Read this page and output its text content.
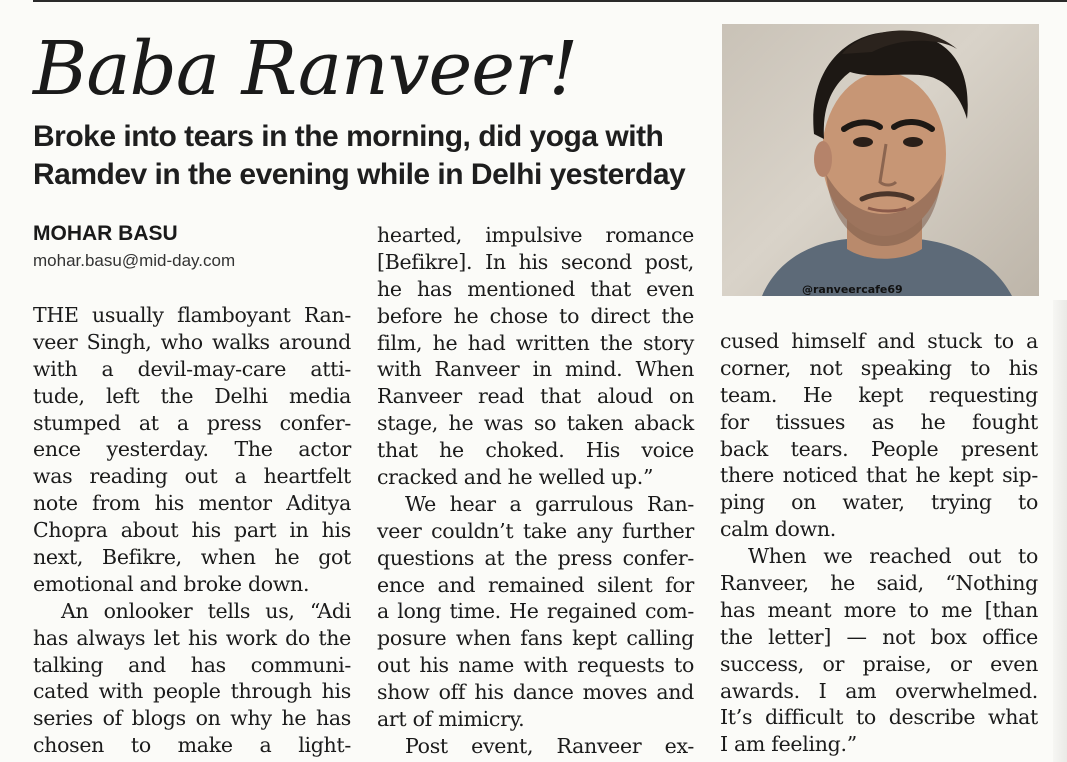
Baba Ranveer!
Broke into tears in the morning, did yoga with Ramdev in the evening while in Delhi yesterday

@ranveercafe69

MOHAR BASU

mohar.basu@mid-day.com

THE usually flamboyant Ran-
veer Singh, who walks around
with a devil-may-care atti-
tude, left the Delhi media
stumped at a press confer-
ence yesterday. The actor
was reading out a heartfelt
note from his mentor Aditya
Chopra about his part in his
next, Befikre, when he got
emotional and broke down.
An onlooker tells us, “Adi
has always let his work do the
talking and has communi-
cated with people through his
series of blogs on why he has
chosen to make a light-
hearted, impulsive romance
[Befikre]. In his second post,
he has mentioned that even
before he chose to direct the
film, he had written the story
with Ranveer in mind. When
Ranveer read that aloud on
stage, he was so taken aback
that he choked. His voice
cracked and he welled up.”
We hear a garrulous Ran-
veer couldn’t take any further
questions at the press confer-
ence and remained silent for
a long time. He regained com-
posure when fans kept calling
out his name with requests to
show off his dance moves and
art of mimicry.
Post event, Ranveer ex-
cused himself and stuck to a
corner, not speaking to his
team. He kept requesting
for tissues as he fought
back tears. People present
there noticed that he kept sip-
ping on water, trying to
calm down.
When we reached out to
Ranveer, he said, “Nothing
has meant more to me [than
the letter] — not box office
success, or praise, or even
awards. I am overwhelmed.
It’s difficult to describe what
I am feeling.”
